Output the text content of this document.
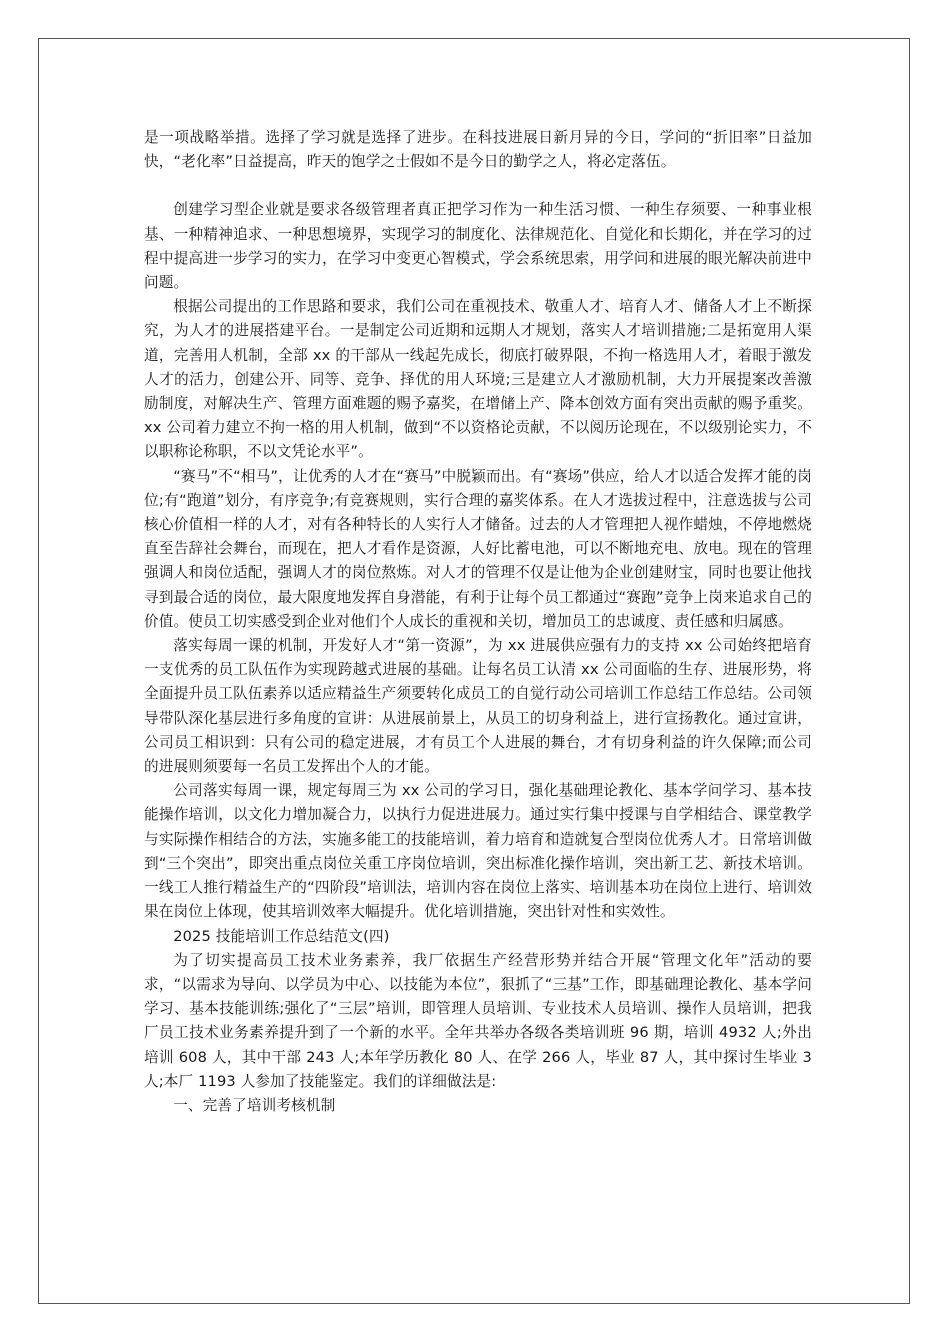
是一项战略举措。选择了学习就是选择了进步。在科技进展日新月异的今日，学问的“折旧率”日益加快，“老化率”日益提高，昨天的饱学之士假如不是今日的勤学之人，将必定落伍。

创建学习型企业就是要求各级管理者真正把学习作为一种生活习惯、一种生存须要、一种事业根基、一种精神追求、一种思想境界，实现学习的制度化、法律规范化、自觉化和长期化，并在学习的过程中提高进一步学习的实力，在学习中变更心智模式，学会系统思索，用学问和进展的眼光解决前进中问题。

根据公司提出的工作思路和要求，我们公司在重视技术、敬重人才、培育人才、储备人才上不断探究，为人才的进展搭建平台。一是制定公司近期和远期人才规划，落实人才培训措施;二是拓宽用人渠道，完善用人机制，全部 xx 的干部从一线起先成长，彻底打破界限，不拘一格选用人才，着眼于激发人才的活力，创建公开、同等、竞争、择优的用人环境;三是建立人才激励机制，大力开展提案改善激励制度，对解决生产、管理方面难题的赐予嘉奖，在增储上产、降本创效方面有突出贡献的赐予重奖。xx 公司着力建立不拘一格的用人机制，做到“不以资格论贡献，不以阅历论现在，不以级别论实力，不以职称论称职，不以文凭论水平”。

“赛马”不“相马”，让优秀的人才在“赛马”中脱颖而出。有“赛场”供应，给人才以适合发挥才能的岗位;有“跑道”划分，有序竞争;有竞赛规则，实行合理的嘉奖体系。在人才选拔过程中，注意选拔与公司核心价值相一样的人才，对有各种特长的人实行人才储备。过去的人才管理把人视作蜡烛，不停地燃烧直至告辞社会舞台，而现在，把人才看作是资源，人好比蓄电池，可以不断地充电、放电。现在的管理强调人和岗位适配，强调人才的岗位熬炼。对人才的管理不仅是让他为企业创建财宝，同时也要让他找寻到最合适的岗位，最大限度地发挥自身潜能，有利于让每个员工都通过“赛跑”竞争上岗来追求自己的价值。使员工切实感受到企业对他们个人成长的重视和关切，增加员工的忠诚度、责任感和归属感。

落实每周一课的机制，开发好人才“第一资源”，为 xx 进展供应强有力的支持 xx 公司始终把培育一支优秀的员工队伍作为实现跨越式进展的基础。让每名员工认清 xx 公司面临的生存、进展形势，将全面提升员工队伍素养以适应精益生产须要转化成员工的自觉行动公司培训工作总结工作总结。公司领导带队深化基层进行多角度的宣讲：从进展前景上，从员工的切身利益上，进行宣扬教化。通过宣讲，公司员工相识到：只有公司的稳定进展，才有员工个人进展的舞台，才有切身利益的许久保障;而公司的进展则须要每一名员工发挥出个人的才能。

公司落实每周一课，规定每周三为 xx 公司的学习日，强化基础理论教化、基本学问学习、基本技能操作培训，以文化力增加凝合力，以执行力促进进展力。通过实行集中授课与自学相结合、课堂教学与实际操作相结合的方法，实施多能工的技能培训，着力培育和造就复合型岗位优秀人才。日常培训做到“三个突出”，即突出重点岗位关重工序岗位培训，突出标准化操作培训，突出新工艺、新技术培训。一线工人推行精益生产的“四阶段”培训法，培训内容在岗位上落实、培训基本功在岗位上进行、培训效果在岗位上体现，使其培训效率大幅提升。优化培训措施，突出针对性和实效性。

2025 技能培训工作总结范文(四)

为了切实提高员工技术业务素养，我厂依据生产经营形势并结合开展“管理文化年”活动的要求，“以需求为导向、以学员为中心、以技能为本位”，狠抓了“三基”工作，即基础理论教化、基本学问学习、基本技能训练;强化了“三层”培训，即管理人员培训、专业技术人员培训、操作人员培训，把我厂员工技术业务素养提升到了一个新的水平。全年共举办各级各类培训班 96 期，培训 4932 人;外出培训 608 人，其中干部 243 人;本年学历教化 80 人、在学 266 人，毕业 87 人，其中探讨生毕业 3 人;本厂 1193 人参加了技能鉴定。我们的详细做法是:

一、完善了培训考核机制
